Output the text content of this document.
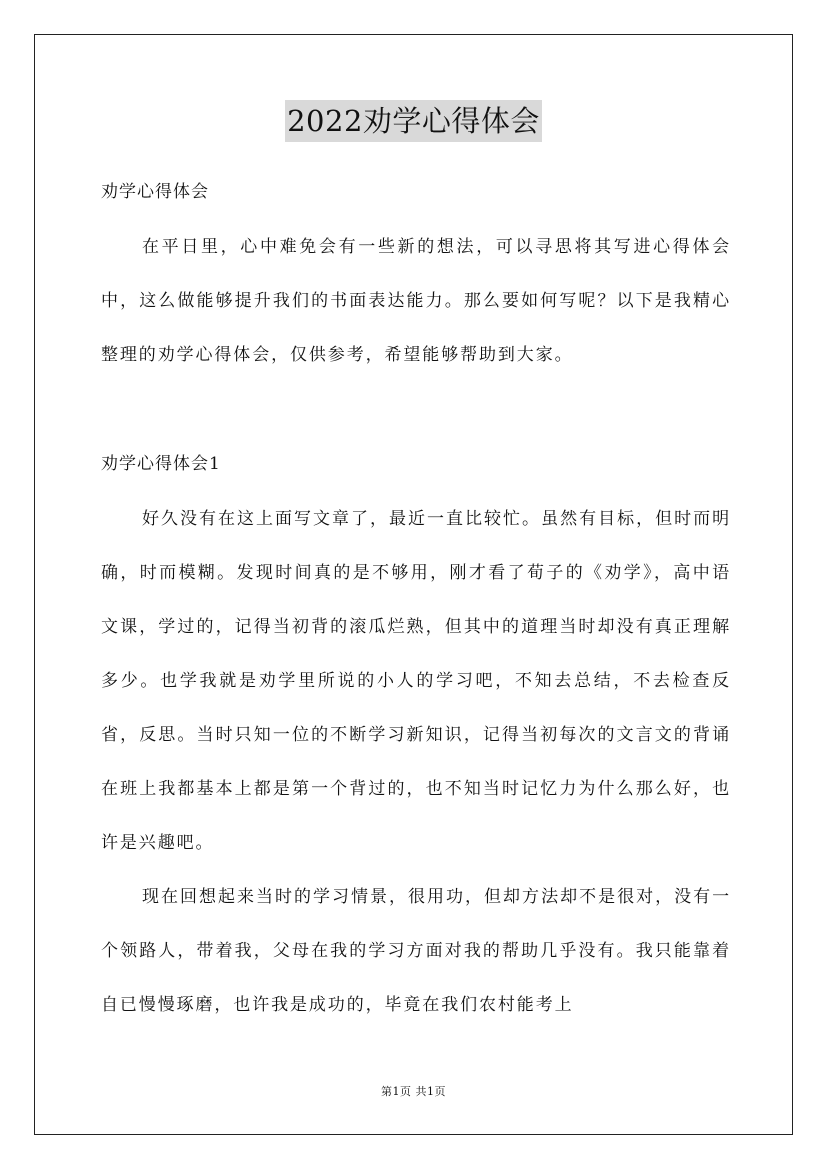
2022劝学心得体会
劝学心得体会

在平日里，心中难免会有一些新的想法，可以寻思将其写进心得体会中，这么做能够提升我们的书面表达能力。那么要如何写呢？以下是我精心整理的劝学心得体会，仅供参考，希望能够帮助到大家。

劝学心得体会1

好久没有在这上面写文章了，最近一直比较忙。虽然有目标，但时而明确，时而模糊。发现时间真的是不够用，刚才看了荀子的《劝学》，高中语文课，学过的，记得当初背的滚瓜烂熟，但其中的道理当时却没有真正理解多少。也学我就是劝学里所说的小人的学习吧，不知去总结，不去检查反省，反思。当时只知一位的不断学习新知识，记得当初每次的文言文的背诵在班上我都基本上都是第一个背过的，也不知当时记忆力为什么那么好，也许是兴趣吧。

现在回想起来当时的学习情景，很用功，但却方法却不是很对，没有一个领路人，带着我，父母在我的学习方面对我的帮助几乎没有。我只能靠着自已慢慢琢磨，也许我是成功的，毕竟在我们农村能考上

第1页 共1页
